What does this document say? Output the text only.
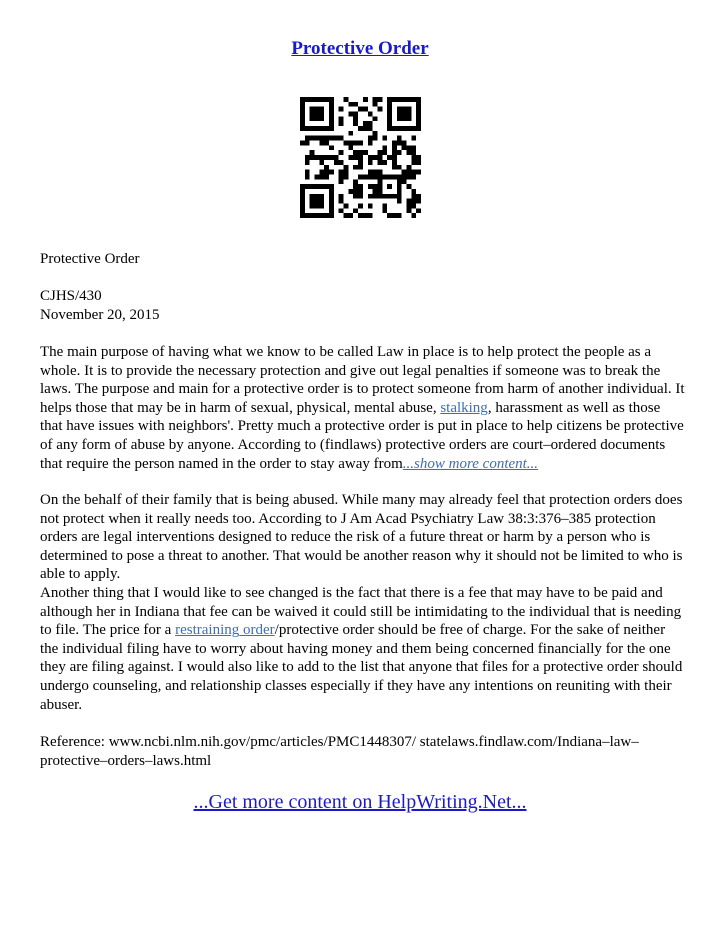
Protective Order
Protective Order
CJHS/430
November 20, 2015

The main purpose of having what we know to be called Law in place is to help protect the people as a whole. It is to provide the necessary protection and give out legal penalties if someone was to break the laws. The purpose and main for a protective order is to protect someone from harm of another individual. It helps those that may be in harm of sexual, physical, mental abuse, stalking, harassment as well as those that have issues with neighbors'. Pretty much a protective order is put in place to help citizens be protective of any form of abuse by anyone. According to (findlaws) protective orders are court–ordered documents that require the person named in the order to stay away from...show more content...

On the behalf of their family that is being abused. While many may already feel that protection orders does not protect when it really needs too. According to J Am Acad Psychiatry Law 38:3:376–385 protection orders are legal interventions designed to reduce the risk of a future threat or harm by a person who is determined to pose a threat to another. That would be another reason why it should not be limited to who is able to apply.

Another thing that I would like to see changed is the fact that there is a fee that may have to be paid and although her in Indiana that fee can be waived it could still be intimidating to the individual that is needing to file. The price for a restraining order/protective order should be free of charge. For the sake of neither the individual filing have to worry about having money and them being concerned financially for the one they are filing against. I would also like to add to the list that anyone that files for a protective order should undergo counseling, and relationship classes especially if they have any intentions on reuniting with their abuser.

Reference: www.ncbi.nlm.nih.gov/pmc/articles/PMC1448307/ statelaws.findlaw.com/Indiana–law–protective–orders–laws.html
...Get more content on HelpWriting.Net...
